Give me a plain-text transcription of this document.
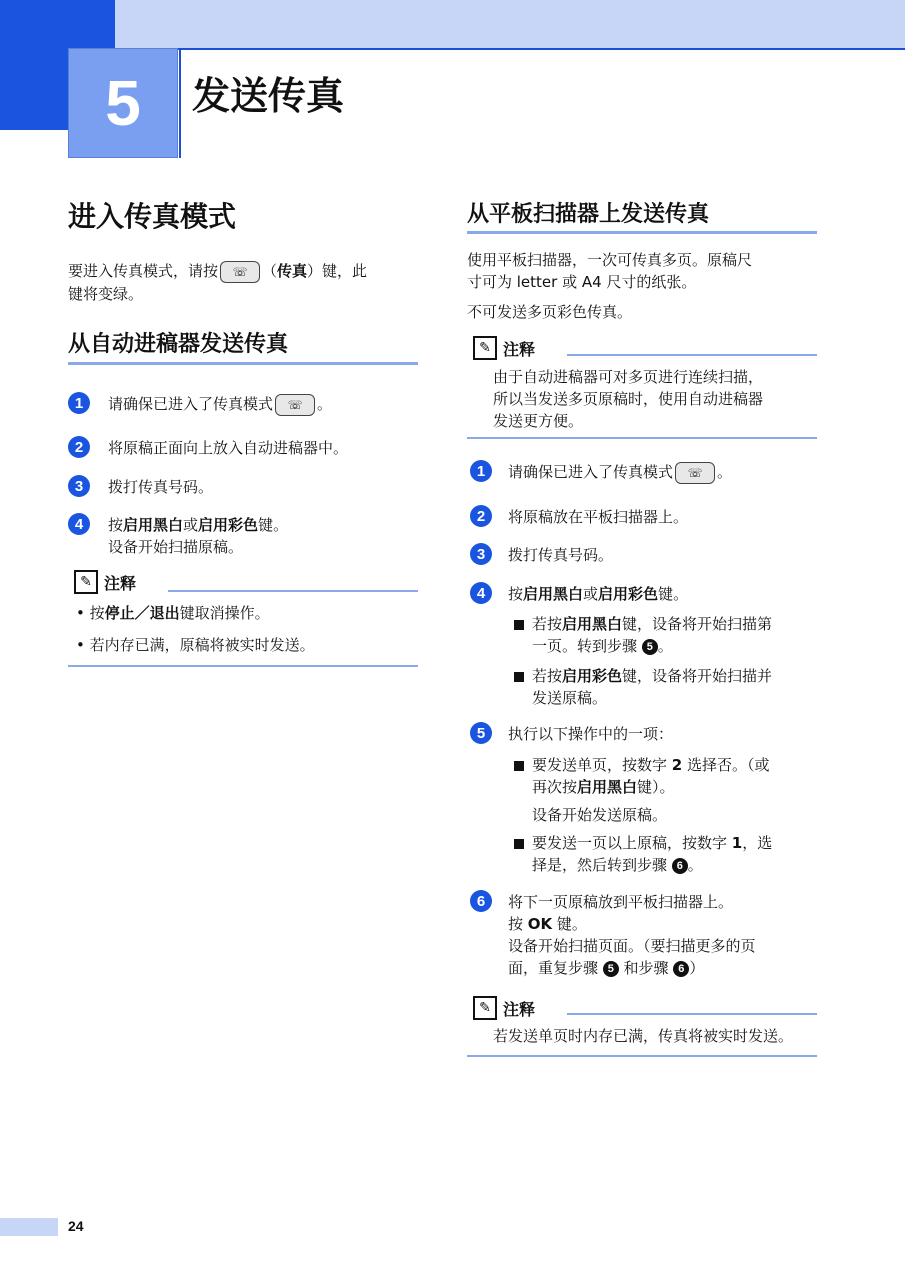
5	发送传真
进入传真模式
要进入传真模式，请按 ☏ （传真）键，此
键将变绿。
从自动进稿器发送传真
1	请确保已进入了传真模式 ☏ 。
2	将原稿正面向上放入自动进稿器中。
3	拨打传真号码。
4	按启用黑白或启用彩色键。
设备开始扫描原稿。
✎ 注释
• 按停止／退出键取消操作。
• 若内存已满，原稿将被实时发送。
从平板扫描器上发送传真
使用平板扫描器，一次可传真多页。原稿尺
寸可为 letter 或 A4 尺寸的纸张。
不可发送多页彩色传真。
✎ 注释
由于自动进稿器可对多页进行连续扫描，
所以当发送多页原稿时，使用自动进稿器
发送更方便。
1	请确保已进入了传真模式 ☏ 。
2	将原稿放在平板扫描器上。
3	拨打传真号码。
4	按启用黑白或启用彩色键。
若按启用黑白键，设备将开始扫描第
一页。转到步骤 5 。
若按启用彩色键，设备将开始扫描并
发送原稿。
5	执行以下操作中的一项：
要发送单页，按数字 2 选择否。（或
再次按启用黑白键）。

设备开始发送原稿。
要发送一页以上原稿，按数字 1，选
择是，然后转到步骤 6 。
6	将下一页原稿放到平板扫描器上。
按 OK 键。
设备开始扫描页面。（要扫描更多的页
面，重复步骤 5 和步骤 6 ）
✎ 注释
若发送单页时内存已满，传真将被实时发送。
24
